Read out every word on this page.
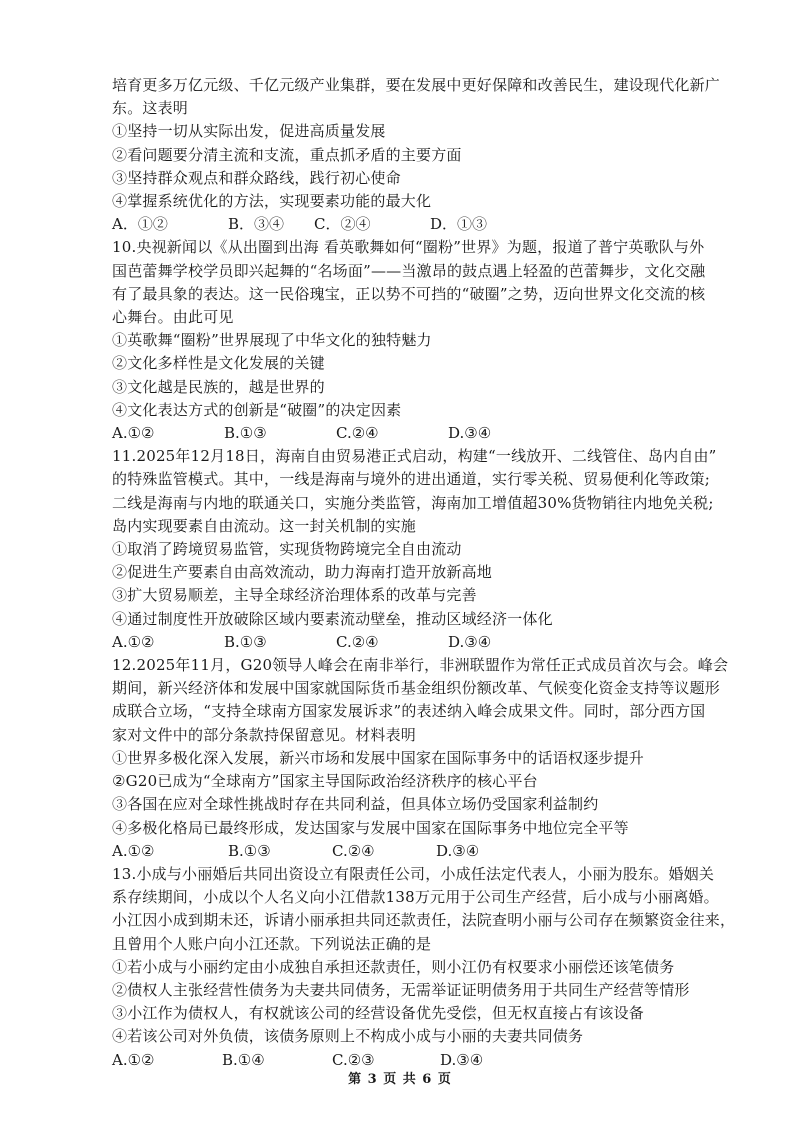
培育更多万亿元级、千亿元级产业集群，要在发展中更好保障和改善民生，建设现代化新广
东。这表明
①坚持一切从实际出发，促进高质量发展
②看问题要分清主流和支流，重点抓矛盾的主要方面
③坚持群众观点和群众路线，践行初心使命
④掌握系统优化的方法，实现要素功能的最大化
A．①②	B．③④	C．②④	D．①③
10.央视新闻以《从出圈到出海 看英歌舞如何“圈粉”世界》为题，报道了普宁英歌队与外
国芭蕾舞学校学员即兴起舞的“名场面”——当激昂的鼓点遇上轻盈的芭蕾舞步，文化交融
有了最具象的表达。这一民俗瑰宝，正以势不可挡的“破圈”之势，迈向世界文化交流的核
心舞台。由此可见
①英歌舞“圈粉”世界展现了中华文化的独特魅力
②文化多样性是文化发展的关键
③文化越是民族的，越是世界的
④文化表达方式的创新是“破圈”的决定因素
A.①②	B.①③	C.②④	D.③④
11.2025年12月18日，海南自由贸易港正式启动，构建“一线放开、二线管住、岛内自由”
的特殊监管模式。其中，一线是海南与境外的进出通道，实行零关税、贸易便利化等政策;
二线是海南与内地的联通关口，实施分类监管，海南加工增值超30%货物销往内地免关税;
岛内实现要素自由流动。这一封关机制的实施
①取消了跨境贸易监管，实现货物跨境完全自由流动
②促进生产要素自由高效流动，助力海南打造开放新高地
③扩大贸易顺差，主导全球经济治理体系的改革与完善
④通过制度性开放破除区域内要素流动壁垒，推动区域经济一体化
A.①②	B.①③	C.②④	D.③④
12.2025年11月，G20领导人峰会在南非举行，非洲联盟作为常任正式成员首次与会。峰会
期间，新兴经济体和发展中国家就国际货币基金组织份额改革、气候变化资金支持等议题形
成联合立场，“支持全球南方国家发展诉求”的表述纳入峰会成果文件。同时，部分西方国
家对文件中的部分条款持保留意见。材料表明
①世界多极化深入发展，新兴市场和发展中国家在国际事务中的话语权逐步提升
②G20已成为“全球南方”国家主导国际政治经济秩序的核心平台
③各国在应对全球性挑战时存在共同利益，但具体立场仍受国家利益制约
④多极化格局已最终形成，发达国家与发展中国家在国际事务中地位完全平等
A.①②	B.①③	C.②④	D.③④
13.小成与小丽婚后共同出资设立有限责任公司，小成任法定代表人，小丽为股东。婚姻关
系存续期间，小成以个人名义向小江借款138万元用于公司生产经营，后小成与小丽离婚。
小江因小成到期未还，诉请小丽承担共同还款责任，法院查明小丽与公司存在频繁资金往来，
且曾用个人账户向小江还款。下列说法正确的是
①若小成与小丽约定由小成独自承担还款责任，则小江仍有权要求小丽偿还该笔债务
②债权人主张经营性债务为夫妻共同债务，无需举证证明债务用于共同生产经营等情形
③小江作为债权人，有权就该公司的经营设备优先受偿，但无权直接占有该设备
④若该公司对外负债，该债务原则上不构成小成与小丽的夫妻共同债务
A.①②	B.①④	C.②③	D.③④
第 3 页 共 6 页
